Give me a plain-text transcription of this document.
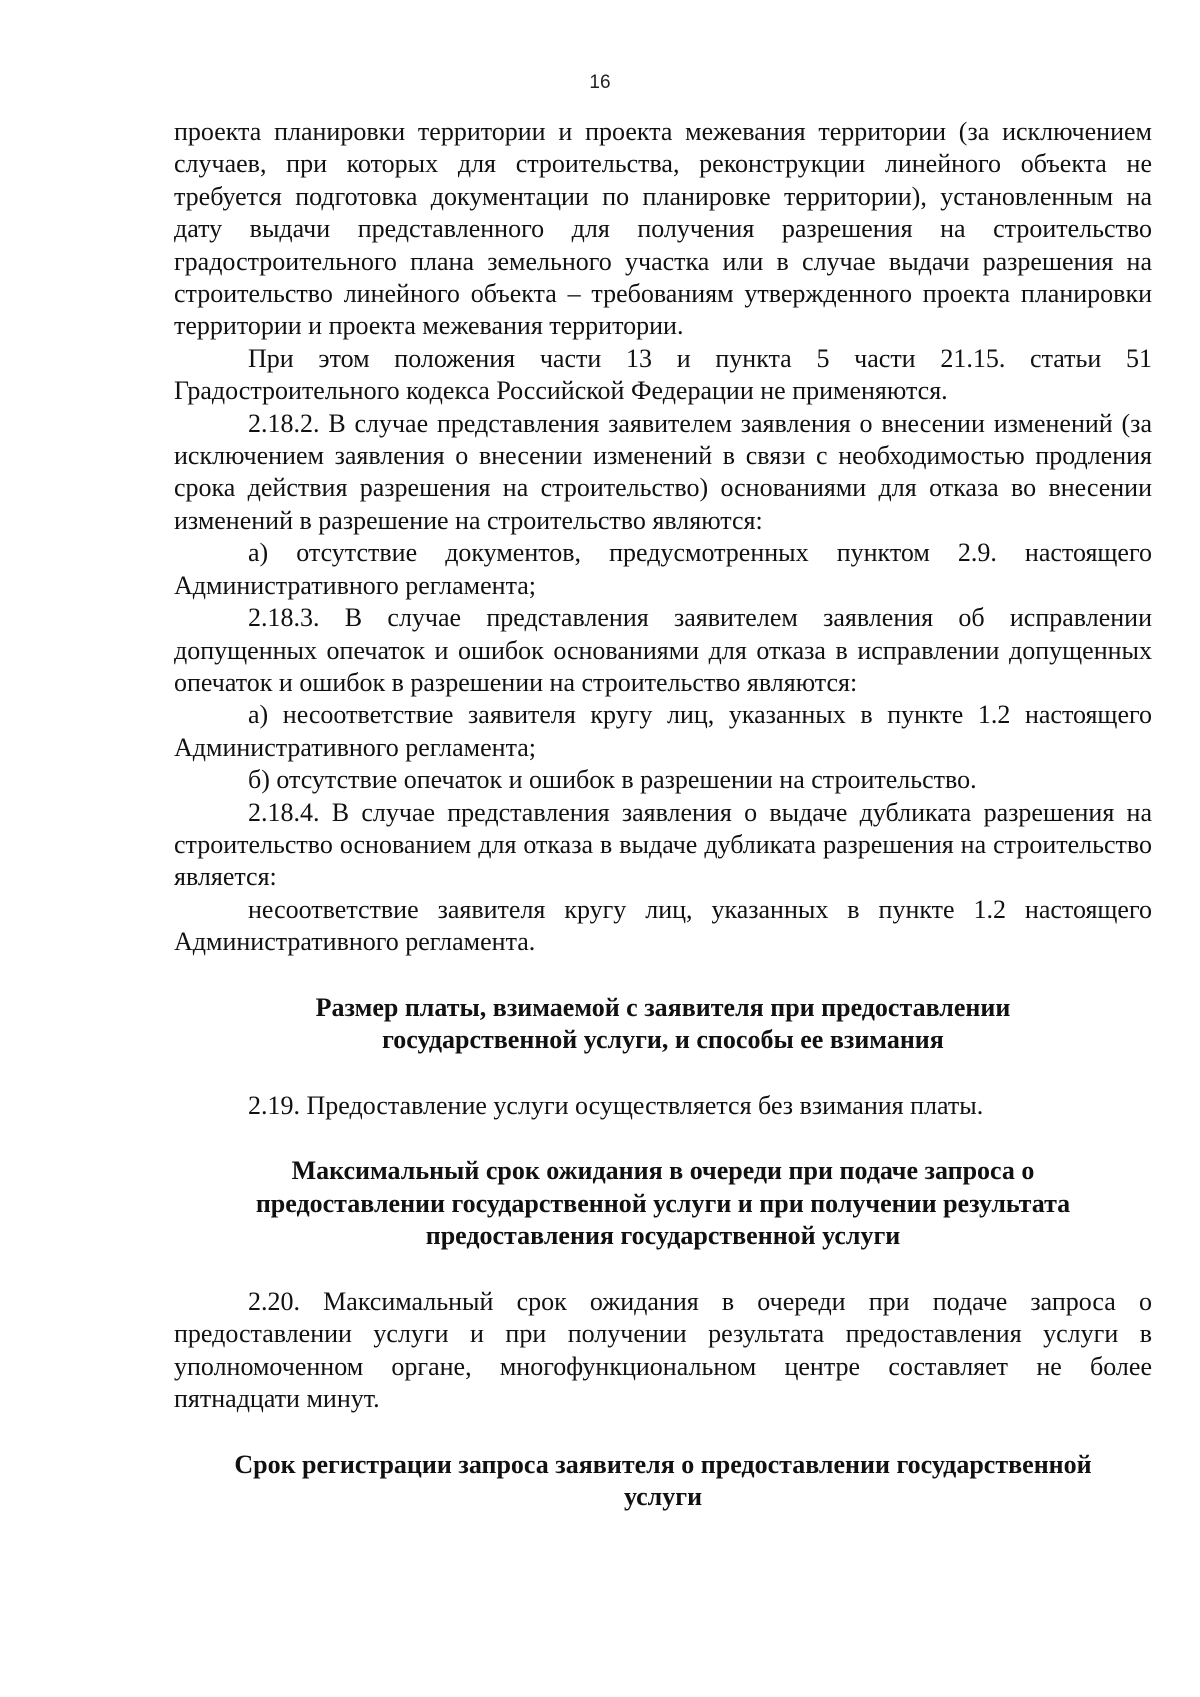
16

проекта планировки территории и проекта межевания территории (за исключением случаев, при которых для строительства, реконструкции линейного объекта не требуется подготовка документации по планировке территории), установленным на дату выдачи представленного для получения разрешения на строительство градостроительного плана земельного участка или в случае выдачи разрешения на строительство линейного объекта – требованиям утвержденного проекта планировки территории и проекта межевания территории.

При этом положения части 13 и пункта 5 части 21.15. статьи 51 Градостроительного кодекса Российской Федерации не применяются.

2.18.2. В случае представления заявителем заявления о внесении изменений (за исключением заявления о внесении изменений в связи с необходимостью продления срока действия разрешения на строительство) основаниями для отказа во внесении изменений в разрешение на строительство являются:

а) отсутствие документов, предусмотренных пунктом 2.9. настоящего Административного регламента;

2.18.3. В случае представления заявителем заявления об исправлении допущенных опечаток и ошибок основаниями для отказа в исправлении допущенных опечаток и ошибок в разрешении на строительство являются:

а) несоответствие заявителя кругу лиц, указанных в пункте 1.2 настоящего Административного регламента;

б) отсутствие опечаток и ошибок в разрешении на строительство.

2.18.4. В случае представления заявления о выдаче дубликата разрешения на строительство основанием для отказа в выдаче дубликата разрешения на строительство является:

несоответствие заявителя кругу лиц, указанных в пункте 1.2 настоящего Административного регламента.

Размер платы, взимаемой с заявителя при предоставлении
государственной услуги, и способы ее взимания

2.19. Предоставление услуги осуществляется без взимания платы.

Максимальный срок ожидания в очереди при подаче запроса о
предоставлении государственной услуги и при получении результата
предоставления государственной услуги

2.20. Максимальный срок ожидания в очереди при подаче запроса о предоставлении услуги и при получении результата предоставления услуги в уполномоченном органе, многофункциональном центре составляет не более пятнадцати минут.

Срок регистрации запроса заявителя о предоставлении государственной
услуги
